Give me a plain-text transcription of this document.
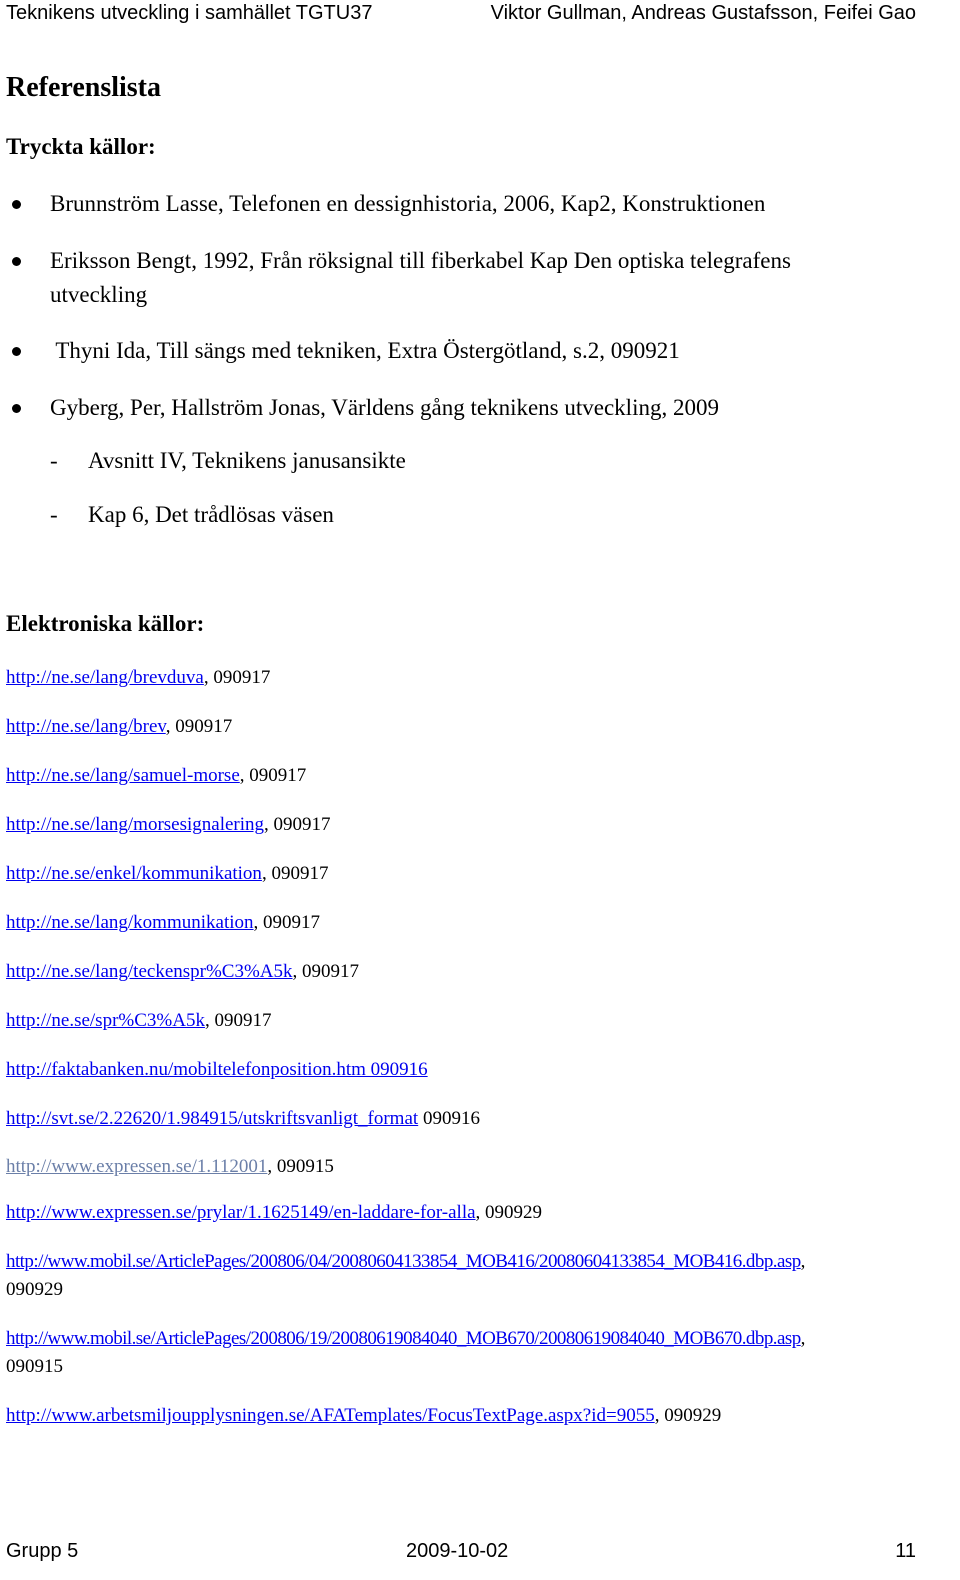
Teknikens utveckling i samhället TGTU37	Viktor Gullman, Andreas Gustafsson, Feifei Gao
Referenslista
Tryckta källor:
Brunnström Lasse, Telefonen en dessignhistoria, 2006, Kap2, Konstruktionen
Eriksson Bengt, 1992, Från röksignal till fiberkabel Kap Den optiska telegrafens
utveckling
Thyni Ida, Till sängs med tekniken, Extra Östergötland, s.2, 090921
Gyberg, Per, Hallström Jonas, Världens gång teknikens utveckling, 2009
- Avsnitt IV, Teknikens janusansikte
- Kap 6, Det trådlösas väsen
Elektroniska källor:
http://ne.se/lang/brevduva, 090917
http://ne.se/lang/brev, 090917
http://ne.se/lang/samuel-morse, 090917
http://ne.se/lang/morsesignalering, 090917
http://ne.se/enkel/kommunikation, 090917
http://ne.se/lang/kommunikation, 090917
http://ne.se/lang/teckenspr%C3%A5k, 090917
http://ne.se/spr%C3%A5k, 090917
http://faktabanken.nu/mobiltelefonposition.htm 090916
http://svt.se/2.22620/1.984915/utskriftsvanligt_format 090916
http://www.expressen.se/1.112001, 090915
http://www.expressen.se/prylar/1.1625149/en-laddare-for-alla, 090929
http://www.mobil.se/ArticlePages/200806/04/20080604133854_MOB416/20080604133854_MOB416.dbp.asp,
090929
http://www.mobil.se/ArticlePages/200806/19/20080619084040_MOB670/20080619084040_MOB670.dbp.asp,
090915
http://www.arbetsmiljoupplysningen.se/AFATemplates/FocusTextPage.aspx?id=9055, 090929
Grupp 5	2009-10-02	11
